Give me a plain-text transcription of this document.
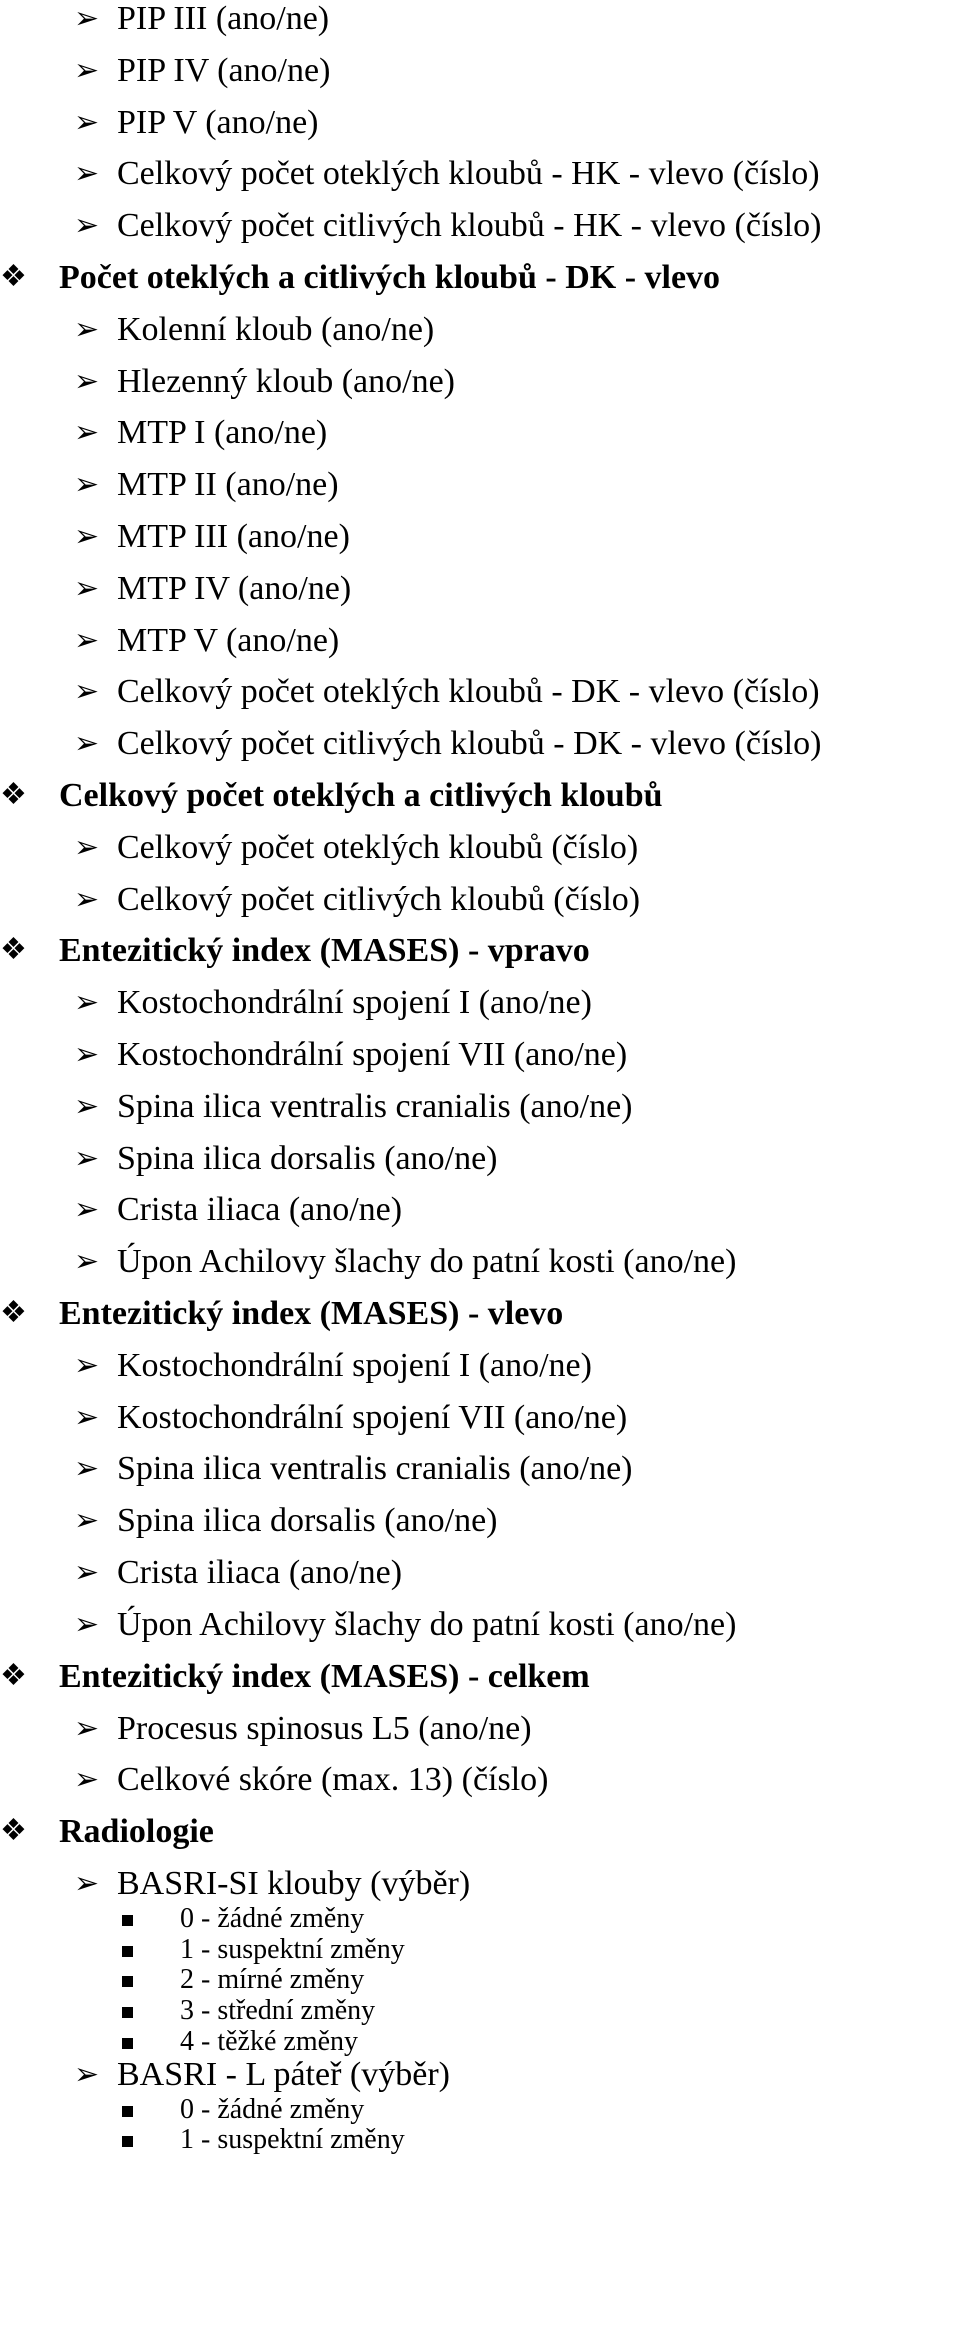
➢ PIP III (ano/ne)
➢ PIP IV (ano/ne)
➢ PIP V (ano/ne)
➢ Celkový počet oteklých kloubů - HK - vlevo (číslo)
➢ Celkový počet citlivých kloubů - HK - vlevo (číslo)
❖ Počet oteklých a citlivých kloubů - DK - vlevo
➢ Kolenní kloub (ano/ne)
➢ Hlezenný kloub (ano/ne)
➢ MTP I (ano/ne)
➢ MTP II (ano/ne)
➢ MTP III (ano/ne)
➢ MTP IV (ano/ne)
➢ MTP V (ano/ne)
➢ Celkový počet oteklých kloubů - DK - vlevo (číslo)
➢ Celkový počet citlivých kloubů - DK - vlevo (číslo)
❖ Celkový počet oteklých a citlivých kloubů
➢ Celkový počet oteklých kloubů (číslo)
➢ Celkový počet citlivých kloubů (číslo)
❖ Entezitický index (MASES) - vpravo
➢ Kostochondrální spojení I (ano/ne)
➢ Kostochondrální spojení VII (ano/ne)
➢ Spina ilica ventralis cranialis (ano/ne)
➢ Spina ilica dorsalis (ano/ne)
➢ Crista iliaca (ano/ne)
➢ Úpon Achilovy šlachy do patní kosti (ano/ne)
❖ Entezitický index (MASES) - vlevo
➢ Kostochondrální spojení I (ano/ne)
➢ Kostochondrální spojení VII (ano/ne)
➢ Spina ilica ventralis cranialis (ano/ne)
➢ Spina ilica dorsalis (ano/ne)
➢ Crista iliaca (ano/ne)
➢ Úpon Achilovy šlachy do patní kosti (ano/ne)
❖ Entezitický index (MASES) - celkem
➢ Procesus spinosus L5 (ano/ne)
➢ Celkové skóre (max. 13) (číslo)
❖ Radiologie
➢ BASRI-SI klouby (výběr)
0 - žádné změny
1 - suspektní změny
2 - mírné změny
3 - střední změny
4 - těžké změny
➢ BASRI - L páteř (výběr)
0 - žádné změny
1 - suspektní změny
